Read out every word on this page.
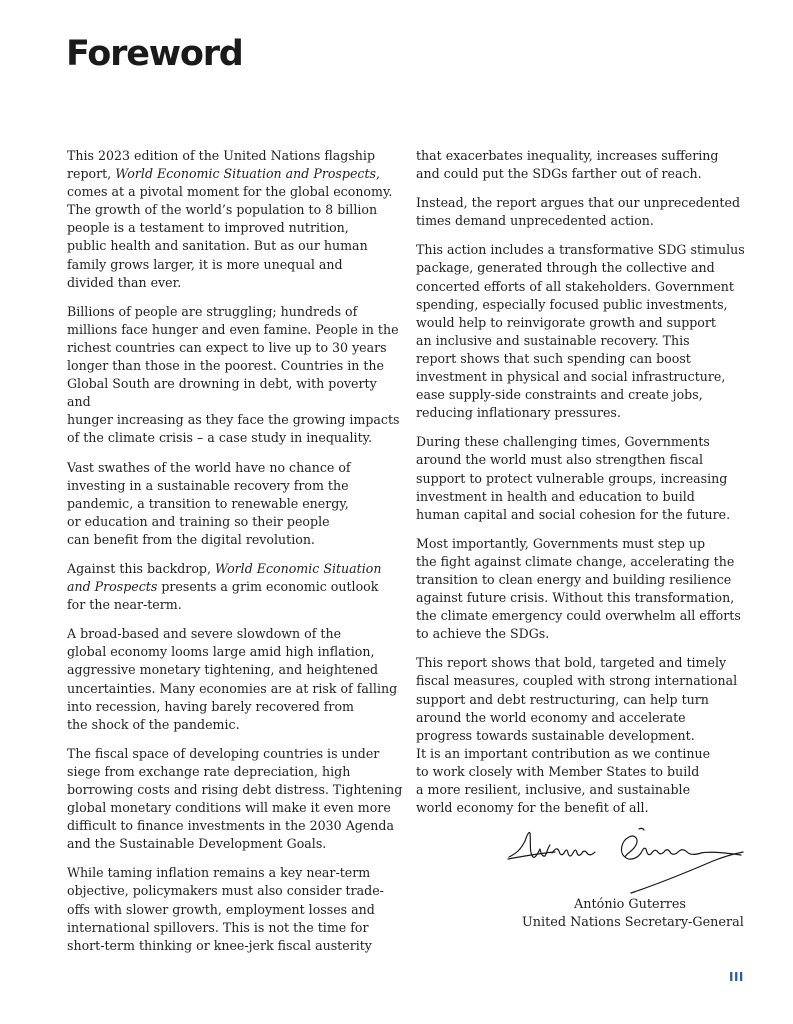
Foreword

This 2023 edition of the United Nations flagship
report, World Economic Situation and Prospects,
comes at a pivotal moment for the global economy.
The growth of the world’s population to 8 billion
people is a testament to improved nutrition,
public health and sanitation. But as our human
family grows larger, it is more unequal and
divided than ever.

Billions of people are struggling; hundreds of
millions face hunger and even famine. People in the
richest countries can expect to live up to 30 years
longer than those in the poorest. Countries in the
Global South are drowning in debt, with poverty and
hunger increasing as they face the growing impacts
of the climate crisis – a case study in inequality.

Vast swathes of the world have no chance of
investing in a sustainable recovery from the
pandemic, a transition to renewable energy,
or education and training so their people
can benefit from the digital revolution.

Against this backdrop, World Economic Situation
and Prospects presents a grim economic outlook
for the near-term.

A broad-based and severe slowdown of the
global economy looms large amid high inflation,
aggressive monetary tightening, and heightened
uncertainties. Many economies are at risk of falling
into recession, having barely recovered from
the shock of the pandemic.

The fiscal space of developing countries is under
siege from exchange rate depreciation, high
borrowing costs and rising debt distress. Tightening
global monetary conditions will make it even more
difficult to finance investments in the 2030 Agenda
and the Sustainable Development Goals.

While taming inflation remains a key near-term
objective, policymakers must also consider trade-
offs with slower growth, employment losses and
international spillovers. This is not the time for
short-term thinking or knee-jerk fiscal austerity

that exacerbates inequality, increases suffering
and could put the SDGs farther out of reach.

Instead, the report argues that our unprecedented
times demand unprecedented action.

This action includes a transformative SDG stimulus
package, generated through the collective and
concerted efforts of all stakeholders. Government
spending, especially focused public investments,
would help to reinvigorate growth and support
an inclusive and sustainable recovery. This
report shows that such spending can boost
investment in physical and social infrastructure,
ease supply-side constraints and create jobs,
reducing inflationary pressures.

During these challenging times, Governments
around the world must also strengthen fiscal
support to protect vulnerable groups, increasing
investment in health and education to build
human capital and social cohesion for the future.

Most importantly, Governments must step up
the fight against climate change, accelerating the
transition to clean energy and building resilience
against future crisis. Without this transformation,
the climate emergency could overwhelm all efforts
to achieve the SDGs.

This report shows that bold, targeted and timely
fiscal measures, coupled with strong international
support and debt restructuring, can help turn
around the world economy and accelerate
progress towards sustainable development.
It is an important contribution as we continue
to work closely with Member States to build
a more resilient, inclusive, and sustainable
world economy for the benefit of all.

António Guterres
United Nations Secretary-General
III
